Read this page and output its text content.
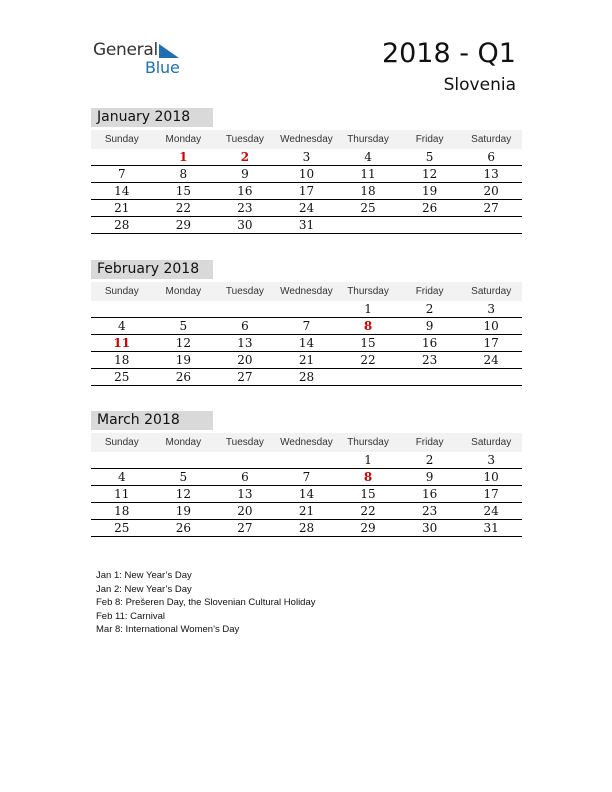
General
Blue	2018 - Q1
Slovenia
January 2018
Sunday	Monday	Tuesday	Wednesday	Thursday	Friday	Saturday
	1	2	3	4	5	6
7	8	9	10	11	12	13
14	15	16	17	18	19	20
21	22	23	24	25	26	27
28	29	30	31			
February 2018
Sunday	Monday	Tuesday	Wednesday	Thursday	Friday	Saturday
				1	2	3
4	5	6	7	8	9	10
11	12	13	14	15	16	17
18	19	20	21	22	23	24
25	26	27	28			
March 2018
Sunday	Monday	Tuesday	Wednesday	Thursday	Friday	Saturday
				1	2	3
4	5	6	7	8	9	10
11	12	13	14	15	16	17
18	19	20	21	22	23	24
25	26	27	28	29	30	31
Jan 1: New Year’s Day
Jan 2: New Year’s Day
Feb 8: Prešeren Day, the Slovenian Cultural Holiday
Feb 11: Carnival
Mar 8: International Women’s Day
